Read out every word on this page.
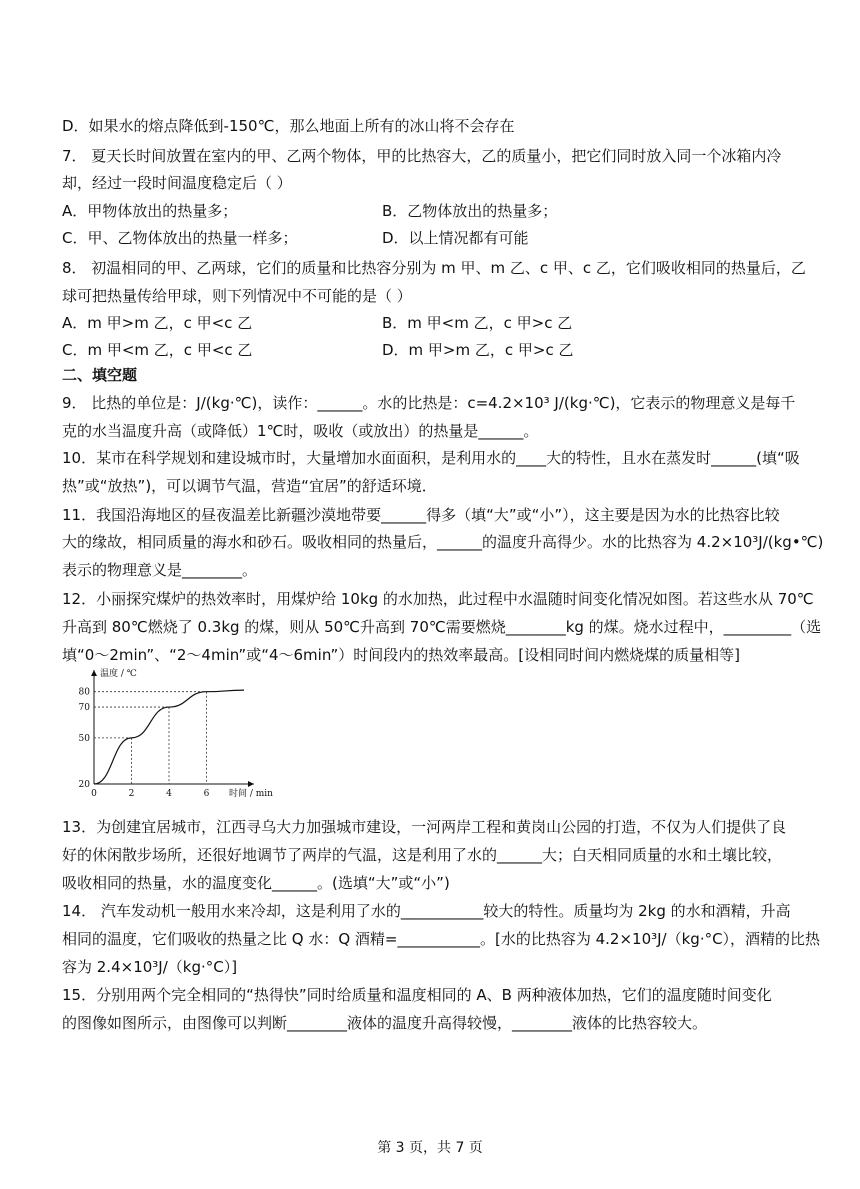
D．如果水的熔点降低到-150℃，那么地面上所有的冰山将不会存在
7． 夏天长时间放置在室内的甲、乙两个物体，甲的比热容大，乙的质量小，把它们同时放入同一个冰箱内冷
却，经过一段时间温度稳定后（ ）
A．甲物体放出的热量多；	B．乙物体放出的热量多；
C．甲、乙物体放出的热量一样多；	D．以上情况都有可能
8． 初温相同的甲、乙两球，它们的质量和比热容分别为 m 甲、m 乙、c 甲、c 乙，它们吸收相同的热量后，乙
球可把热量传给甲球，则下列情况中不可能的是（ ）
A．m 甲>m 乙，c 甲<c 乙	B．m 甲<m 乙，c 甲>c 乙
C．m 甲<m 乙，c 甲<c 乙	D．m 甲>m 乙，c 甲>c 乙
二、填空题
9． 比热的单位是：J/(kg·℃)，读作：______。水的比热是：c=4.2×10³ J/(kg·℃)，它表示的物理意义是每千
克的水当温度升高（或降低）1℃时，吸收（或放出）的热量是______。
10．某市在科学规划和建设城市时，大量增加水面面积，是利用水的____大的特性，且水在蒸发时______(填“吸
热”或“放热”)，可以调节气温，营造“宜居”的舒适环境．
11．我国沿海地区的昼夜温差比新疆沙漠地带要______得多（填“大”或“小”），这主要是因为水的比热容比较
大的缘故，相同质量的海水和砂石。吸收相同的热量后，______的温度升高得少。水的比热容为 4.2×10³J/(kg•℃)
表示的物理意义是________。
12．小丽探究煤炉的热效率时，用煤炉给 10kg 的水加热，此过程中水温随时间变化情况如图。若这些水从 70℃
升高到 80℃燃烧了 0.3kg 的煤，则从 50℃升高到 70℃需要燃烧________kg 的煤。烧水过程中，_________（选
填“0～2min”、“2～4min”或“4～6min”）时间段内的热效率最高。[设相同时间内燃烧煤的质量相等]
0	2	4	6
20
50
70
80
温度 / ℃
时间 / min
13．为创建宜居城市，江西寻乌大力加强城市建设，一河两岸工程和黄岗山公园的打造，不仅为人们提供了良
好的休闲散步场所，还很好地调节了两岸的气温，这是利用了水的______大；白天相同质量的水和土壤比较，
吸收相同的热量，水的温度变化______。(选填“大”或“小”)
14． 汽车发动机一般用水来冷却，这是利用了水的___________较大的特性。质量均为 2kg 的水和酒精，升高
相同的温度，它们吸收的热量之比 Q 水：Q 酒精=___________。[水的比热容为 4.2×10³J/（kg·°C），酒精的比热
容为 2.4×10³J/（kg·°C）]
15．分别用两个完全相同的“热得快”同时给质量和温度相同的 A、B 两种液体加热，它们的温度随时间变化
的图像如图所示，由图像可以判断________液体的温度升高得较慢，________液体的比热容较大。
第 3 页，共 7 页
